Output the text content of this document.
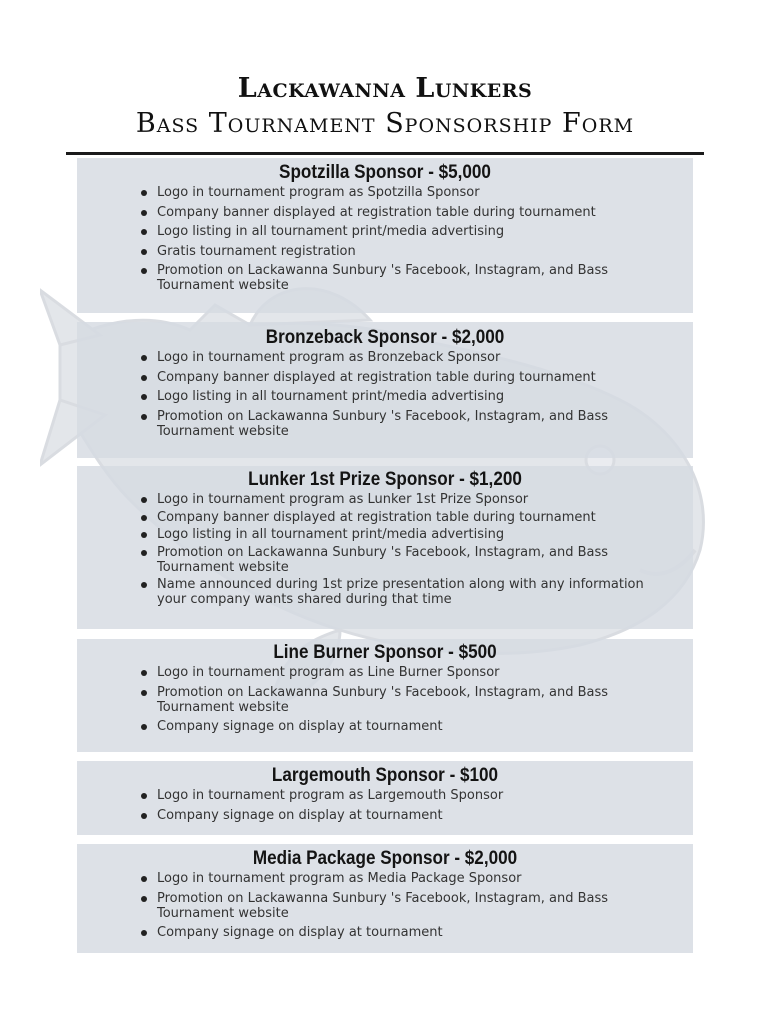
Lackawanna Lunkers
Bass Tournament Sponsorship Form
Spotzilla Sponsor - $5,000
Logo in tournament program as Spotzilla Sponsor
Company banner displayed at registration table during tournament
Logo listing in all tournament print/media advertising
Gratis tournament registration
Promotion on Lackawanna Sunbury 's Facebook, Instagram, and Bass Tournament website
Bronzeback Sponsor - $2,000
Logo in tournament program as Bronzeback Sponsor
Company banner displayed at registration table during tournament
Logo listing in all tournament print/media advertising
Promotion on Lackawanna Sunbury 's Facebook, Instagram, and Bass Tournament website
Lunker 1st Prize Sponsor - $1,200
Logo in tournament program as Lunker 1st Prize Sponsor
Company banner displayed at registration table during tournament
Logo listing in all tournament print/media advertising
Promotion on Lackawanna Sunbury 's Facebook, Instagram, and Bass Tournament website
Name announced during 1st prize presentation along with any information your company wants shared during that time
Line Burner Sponsor - $500
Logo in tournament program as Line Burner Sponsor
Promotion on Lackawanna Sunbury 's Facebook, Instagram, and Bass Tournament website
Company signage on display at tournament
Largemouth Sponsor - $100
Logo in tournament program as Largemouth Sponsor
Company signage on display at tournament
Media Package Sponsor - $2,000
Logo in tournament program as Media Package Sponsor
Promotion on Lackawanna Sunbury 's Facebook, Instagram, and Bass Tournament website
Company signage on display at tournament
